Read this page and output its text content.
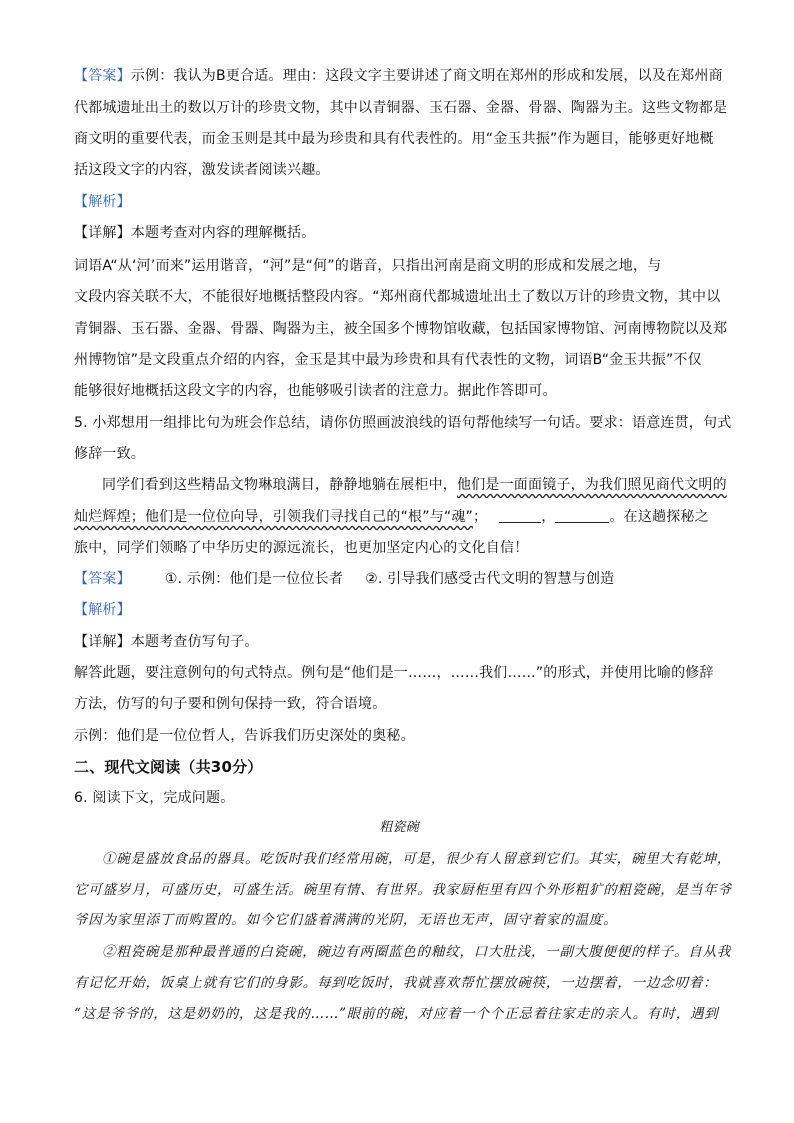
【答案】示例：我认为B更合适。理由：这段文字主要讲述了商文明在郑州的形成和发展，以及在郑州商
代都城遗址出土的数以万计的珍贵文物，其中以青铜器、玉石器、金器、骨器、陶器为主。这些文物都是
商文明的重要代表，而金玉则是其中最为珍贵和具有代表性的。用“金玉共振”作为题目，能够更好地概
括这段文字的内容，激发读者阅读兴趣。
【解析】
【详解】本题考查对内容的理解概括。
词语A“从‘河’而来”运用谐音，“河”是“何”的谐音，只指出河南是商文明的形成和发展之地，与
文段内容关联不大，不能很好地概括整段内容。“郑州商代都城遗址出土了数以万计的珍贵文物，其中以
青铜器、玉石器、金器、骨器、陶器为主，被全国多个博物馆收藏，包括国家博物馆、河南博物院以及郑
州博物馆”是文段重点介绍的内容，金玉是其中最为珍贵和具有代表性的文物，词语B“金玉共振”不仅
能够很好地概括这段文字的内容，也能够吸引读者的注意力。据此作答即可。
5. 小郑想用一组排比句为班会作总结，请你仿照画波浪线的语句帮他续写一句话。要求：语意连贯，句式
修辞一致。
同学们看到这些精品文物琳琅满目，静静地躺在展柜中，他们是一面面镜子，为我们照见商代文明的
灿烂辉煌；他们是一位位向导，引领我们寻找自己的“根”与“魂”；	，	。在这趟探秘之
旅中，同学们领略了中华历史的源远流长，也更加坚定内心的文化自信！
【答案】 ①. 示例：他们是一位位长者 ②. 引导我们感受古代文明的智慧与创造
【解析】
【详解】本题考查仿写句子。
解答此题，要注意例句的句式特点。例句是“他们是一……，……我们……”的形式，并使用比喻的修辞
方法，仿写的句子要和例句保持一致，符合语境。
示例：他们是一位位哲人，告诉我们历史深处的奥秘。
二、现代文阅读（共30分）
6. 阅读下文，完成问题。
粗瓷碗
①碗是盛放食品的器具。吃饭时我们经常用碗，可是，很少有人留意到它们。其实，碗里大有乾坤，
它可盛岁月，可盛历史，可盛生活。碗里有情、有世界。我家厨柜里有四个外形粗犷的粗瓷碗，是当年爷
爷因为家里添丁而购置的。如今它们盛着满满的光阴，无语也无声，固守着家的温度。
②粗瓷碗是那种最普通的白瓷碗，碗边有两圈蓝色的釉纹，口大肚浅，一副大腹便便的样子。自从我
有记忆开始，饭桌上就有它们的身影。每到吃饭时，我就喜欢帮忙摆放碗筷，一边摆着，一边念叨着：
“这是爷爷的，这是奶奶的，这是我的……”眼前的碗，对应着一个个正忌着往家走的亲人。有时，遇到
